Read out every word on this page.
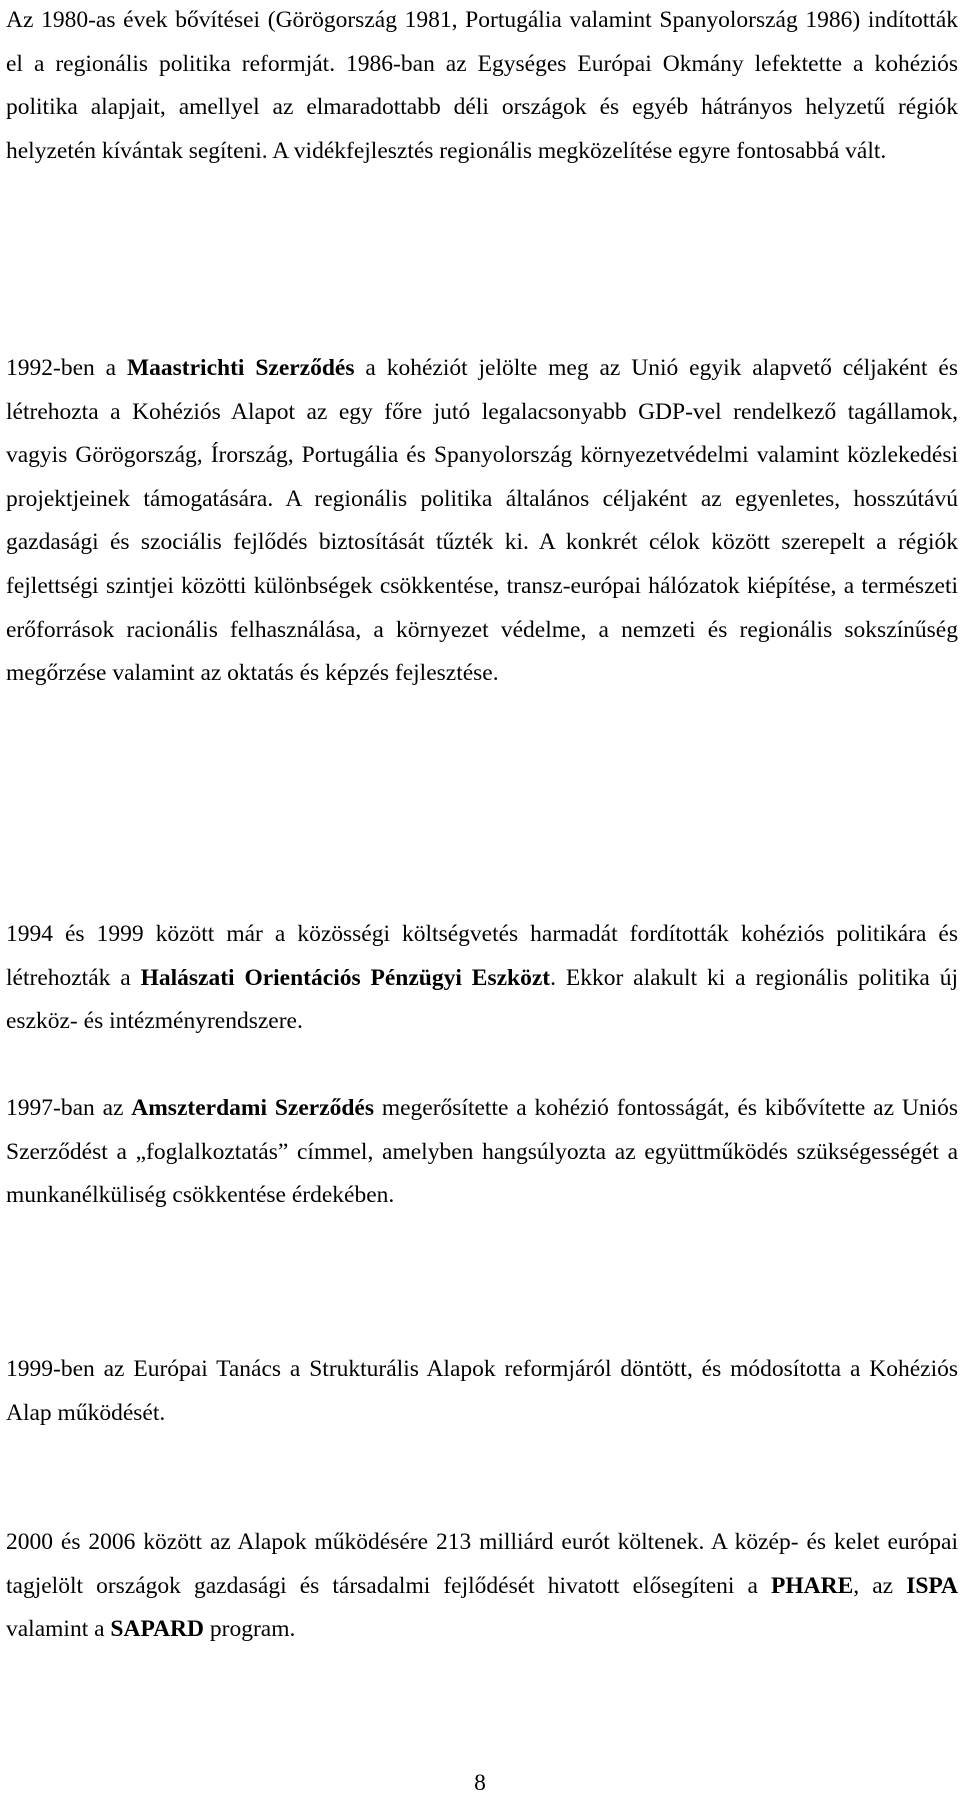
Az 1980-as évek bővítései (Görögország 1981, Portugália valamint Spanyolország 1986) indították el a regionális politika reformját. 1986-ban az Egységes Európai Okmány lefektette a kohéziós politika alapjait, amellyel az elmaradottabb déli országok és egyéb hátrányos helyzetű régiók helyzetén kívántak segíteni. A vidékfejlesztés regionális megközelítése egyre fontosabbá vált.

1992-ben a Maastrichti Szerződés a kohéziót jelölte meg az Unió egyik alapvető céljaként és létrehozta a Kohéziós Alapot az egy főre jutó legalacsonyabb GDP-vel rendelkező tagállamok, vagyis Görögország, Írország, Portugália és Spanyolország környezetvédelmi valamint közlekedési projektjeinek támogatására. A regionális politika általános céljaként az egyenletes, hosszútávú gazdasági és szociális fejlődés biztosítását tűzték ki. A konkrét célok között szerepelt a régiók fejlettségi szintjei közötti különbségek csökkentése, transz-európai hálózatok kiépítése, a természeti erőforrások racionális felhasználása, a környezet védelme, a nemzeti és regionális sokszínűség megőrzése valamint az oktatás és képzés fejlesztése.

1994 és 1999 között már a közösségi költségvetés harmadát fordították kohéziós politikára és létrehozták a Halászati Orientációs Pénzügyi Eszközt. Ekkor alakult ki a regionális politika új eszköz- és intézményrendszere.

1997-ban az Amszterdami Szerződés megerősítette a kohézió fontosságát, és kibővítette az Uniós Szerződést a „foglalkoztatás” címmel, amelyben hangsúlyozta az együttműködés szükségességét a munkanélküliség csökkentése érdekében.

1999-ben az Európai Tanács a Strukturális Alapok reformjáról döntött, és módosította a Kohéziós Alap működését.

2000 és 2006 között az Alapok működésére 213 milliárd eurót költenek. A közép- és kelet európai tagjelölt országok gazdasági és társadalmi fejlődését hivatott elősegíteni a PHARE, az ISPA valamint a SAPARD program.

8
